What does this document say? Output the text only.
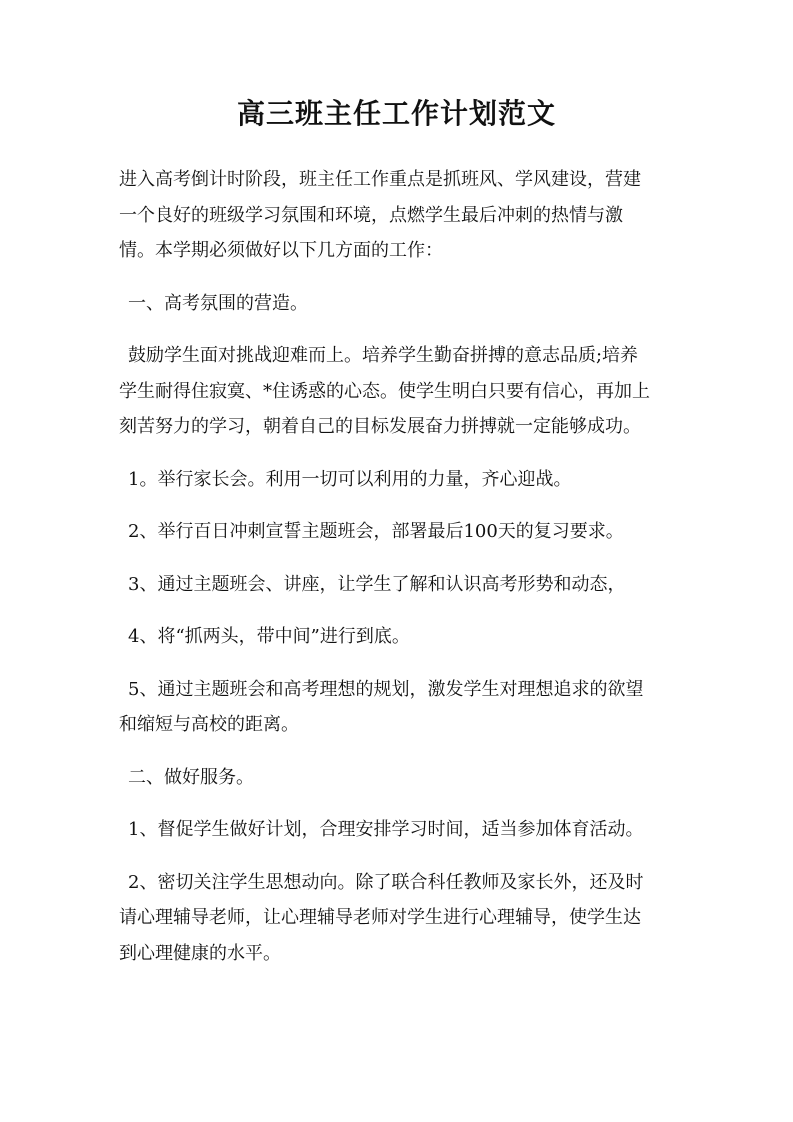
高三班主任工作计划范文

进入高考倒计时阶段，班主任工作重点是抓班风、学风建设，营建
一个良好的班级学习氛围和环境，点燃学生最后冲刺的热情与激
情。本学期必须做好以下几方面的工作：

一、高考氛围的营造。

鼓励学生面对挑战迎难而上。培养学生勤奋拼搏的意志品质;培养
学生耐得住寂寞、*住诱惑的心态。使学生明白只要有信心，再加上
刻苦努力的学习，朝着自己的目标发展奋力拼搏就一定能够成功。

1。举行家长会。利用一切可以利用的力量，齐心迎战。

2、举行百日冲刺宣誓主题班会，部署最后100天的复习要求。

3、通过主题班会、讲座，让学生了解和认识高考形势和动态，

4、将“抓两头，带中间”进行到底。

5、通过主题班会和高考理想的规划，激发学生对理想追求的欲望
和缩短与高校的距离。

二、做好服务。

1、督促学生做好计划，合理安排学习时间，适当参加体育活动。

2、密切关注学生思想动向。除了联合科任教师及家长外，还及时
请心理辅导老师，让心理辅导老师对学生进行心理辅导，使学生达
到心理健康的水平。
